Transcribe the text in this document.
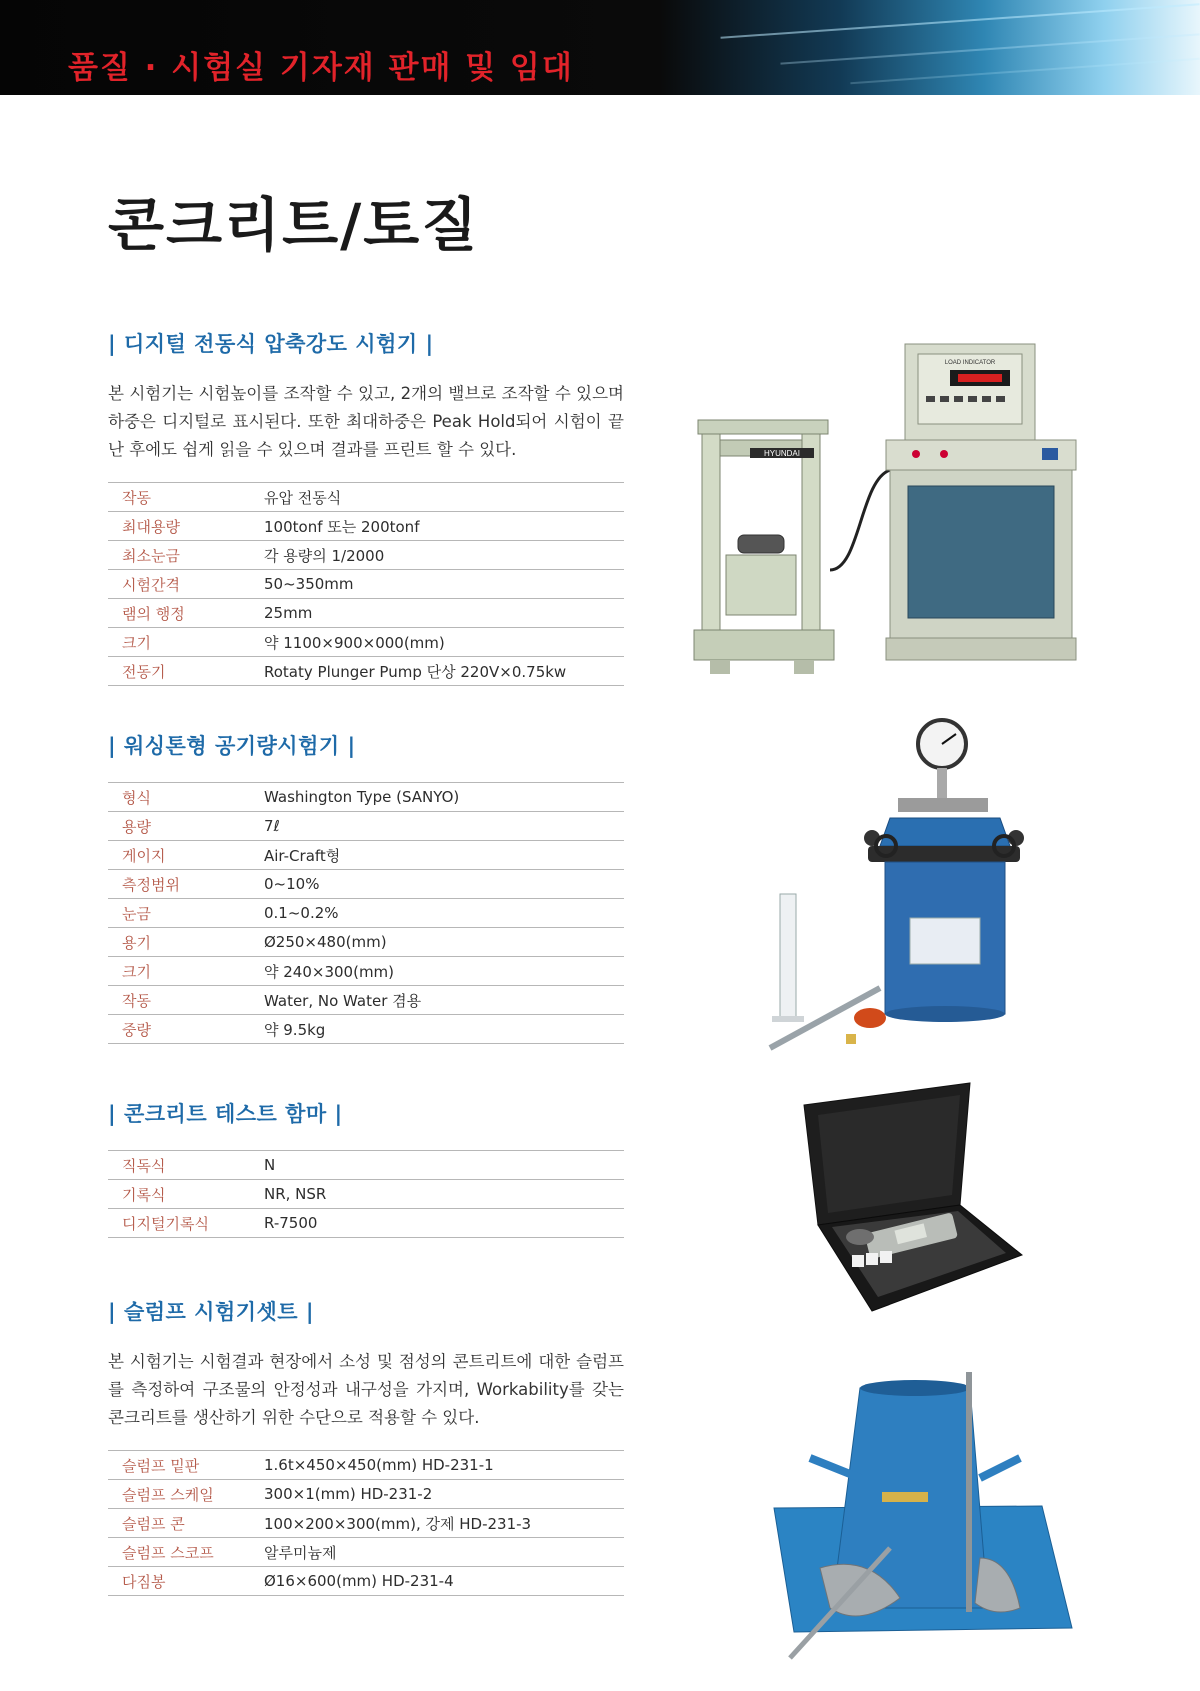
품질 · 시험실 기자재 판매 및 임대
콘크리트/토질
| 디지털 전동식 압축강도 시험기 |

본 시험기는 시험높이를 조작할 수 있고, 2개의 밸브로 조작할 수 있으며 하중은 디지털로 표시된다. 또한 최대하중은 Peak Hold되어 시험이 끝난 후에도 쉽게 읽을 수 있으며 결과를 프린트 할 수 있다.

작동	유압 전동식
최대용량	100tonf 또는 200tonf
최소눈금	각 용량의 1/2000
시험간격	50~350mm
램의 행정	25mm
크기	약 1100×900×000(mm)
전동기	Rotaty Plunger Pump 단상 220V×0.75kw
| 워싱톤형 공기량시험기 |
형식	Washington Type (SANYO)
용량	7ℓ
게이지	Air-Craft형
측정범위	0~10%
눈금	0.1~0.2%
용기	Ø250×480(mm)
크기	약 240×300(mm)
작동	Water, No Water 겸용
중량	약 9.5kg
| 콘크리트 테스트 함마 |
직독식	N
기록식	NR, NSR
디지털기록식	R-7500
| 슬럼프 시험기셋트 |

본 시험기는 시험결과 현장에서 소성 및 점성의 콘트리트에 대한 슬럼프를 측정하여 구조물의 안정성과 내구성을 가지며, Workability를 갖는 콘크리트를 생산하기 위한 수단으로 적용할 수 있다.

슬럼프 밑판	1.6t×450×450(mm) HD-231-1
슬럼프 스케일	300×1(mm) HD-231-2
슬럼프 콘	100×200×300(mm), 강제 HD-231-3
슬럼프 스코프	알루미늄제
다짐봉	Ø16×600(mm) HD-231-4
HYUNDAI
LOAD INDICATOR
